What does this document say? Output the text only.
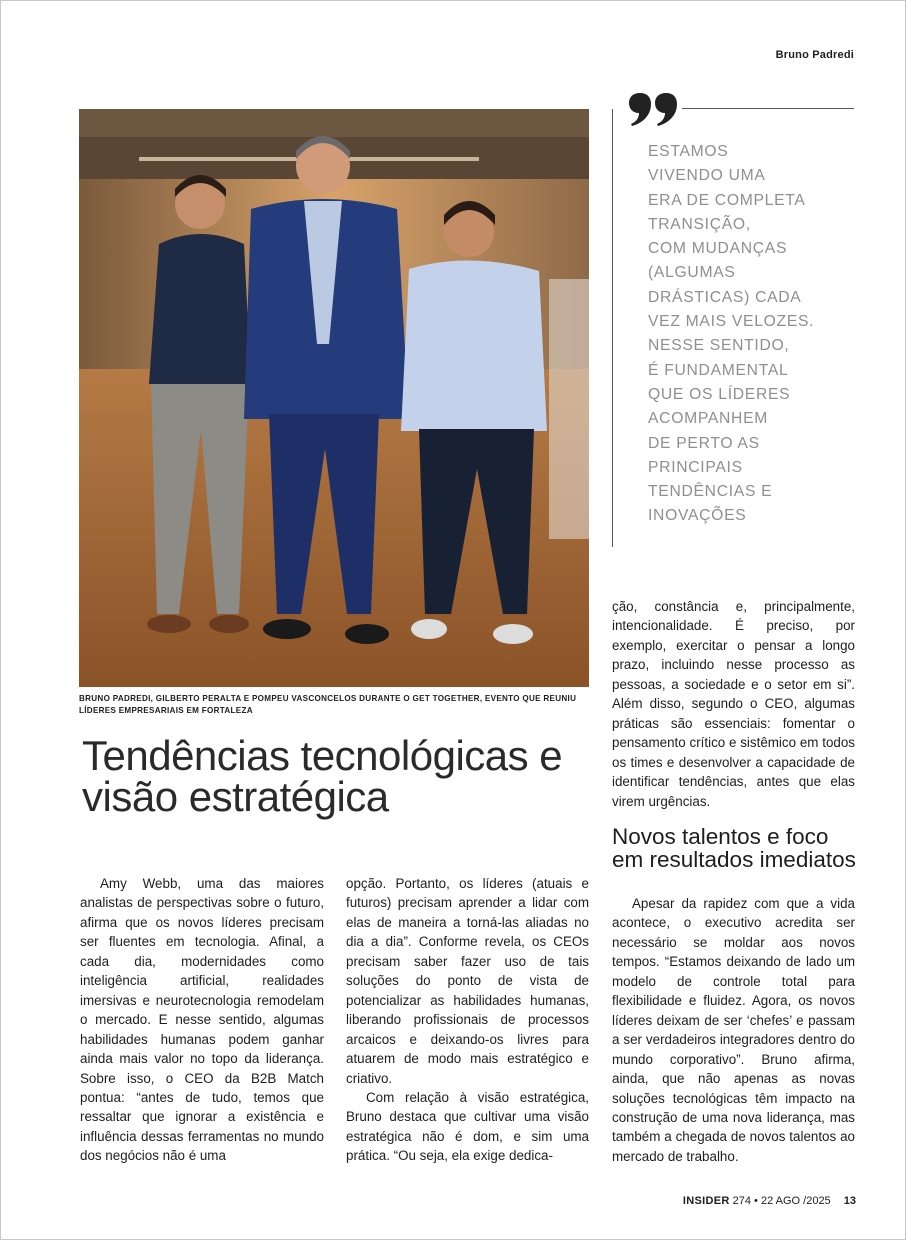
Bruno Padredi
BRUNO PADREDI, GILBERTO PERALTA E POMPEU VASCONCELOS DURANTE O GET TOGETHER, EVENTO QUE REUNIU LÍDERES EMPRESARIAIS EM FORTALEZA
ESTAMOS
VIVENDO UMA
ERA DE COMPLETA
TRANSIÇÃO,
COM MUDANÇAS
(ALGUMAS
DRÁSTICAS) CADA
VEZ MAIS VELOZES.
NESSE SENTIDO,
É FUNDAMENTAL
QUE OS LÍDERES
ACOMPANHEM
DE PERTO AS
PRINCIPAIS
TENDÊNCIAS E
INOVAÇÕES
Tendências tecnológicas e visão estratégica

Amy Webb, uma das maiores analistas de perspectivas sobre o futuro, afirma que os novos líderes precisam ser fluentes em tecnologia. Afinal, a cada dia, modernidades como inteligência artificial, realidades imersivas e neurotecnologia remodelam o mercado. E nesse sentido, algumas habilidades humanas podem ganhar ainda mais valor no topo da liderança. Sobre isso, o CEO da B2B Match pontua: “antes de tudo, temos que ressaltar que ignorar a existência e influência dessas ferramentas no mundo dos negócios não é uma

opção. Portanto, os líderes (atuais e futuros) precisam aprender a lidar com elas de maneira a torná-las aliadas no dia a dia”. Conforme revela, os CEOs precisam saber fazer uso de tais soluções do ponto de vista de potencializar as habilidades humanas, liberando profissionais de processos arcaicos e deixando-os livres para atuarem de modo mais estratégico e criativo.

Com relação à visão estratégica, Bruno destaca que cultivar uma visão estratégica não é dom, e sim uma prática. “Ou seja, ela exige dedica-

ção, constância e, principalmente, intencionalidade. É preciso, por exemplo, exercitar o pensar a longo prazo, incluindo nesse processo as pessoas, a sociedade e o setor em si”. Além disso, segundo o CEO, algumas práticas são essenciais: fomentar o pensamento crítico e sistêmico em todos os times e desenvolver a capacidade de identificar tendências, antes que elas virem urgências.

Novos talentos e foco em resultados imediatos

Apesar da rapidez com que a vida acontece, o executivo acredita ser necessário se moldar aos novos tempos. “Estamos deixando de lado um modelo de controle total para flexibilidade e fluidez. Agora, os novos líderes deixam de ser ‘chefes’ e passam a ser verdadeiros integradores dentro do mundo corporativo”. Bruno afirma, ainda, que não apenas as novas soluções tecnológicas têm impacto na construção de uma nova liderança, mas também a chegada de novos talentos ao mercado de trabalho.

INSIDER 274 • 22 AGO /2025 13
